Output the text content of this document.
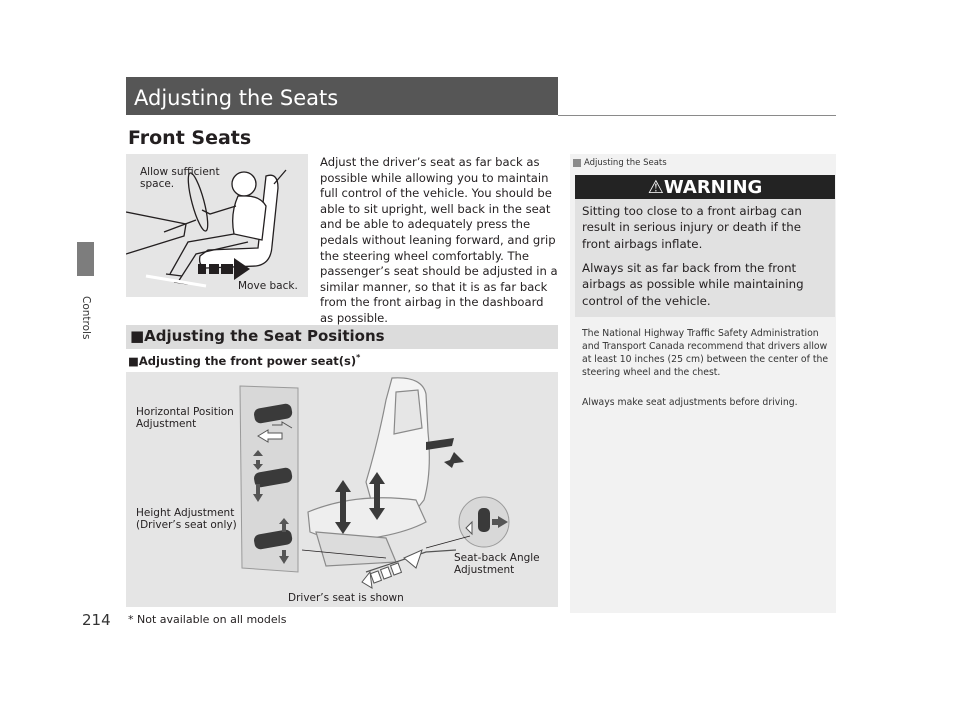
Controls
214
Adjusting the Seats
Front Seats
Allow sufficient
space.
Move back.
Adjust the driver’s seat as far back as possible while allowing you to maintain full control of the vehicle. You should be able to sit upright, well back in the seat and be able to adequately press the pedals without leaning forward, and grip the steering wheel comfortably. The passenger’s seat should be adjusted in a similar manner, so that it is as far back from the front airbag in the dashboard as possible.
■Adjusting the Seat Positions
■Adjusting the front power seat(s)*
Horizontal Position
Adjustment
Height Adjustment
(Driver’s seat only)
Seat-back Angle
Adjustment
Driver’s seat is shown
* Not available on all models
Adjusting the Seats
⚠WARNING
Sitting too close to a front airbag can result in serious injury or death if the front airbags inflate.
Always sit as far back from the front airbags as possible while maintaining control of the vehicle.
The National Highway Traffic Safety Administration and Transport Canada recommend that drivers allow at least 10 inches (25 cm) between the center of the steering wheel and the chest.
Always make seat adjustments before driving.
